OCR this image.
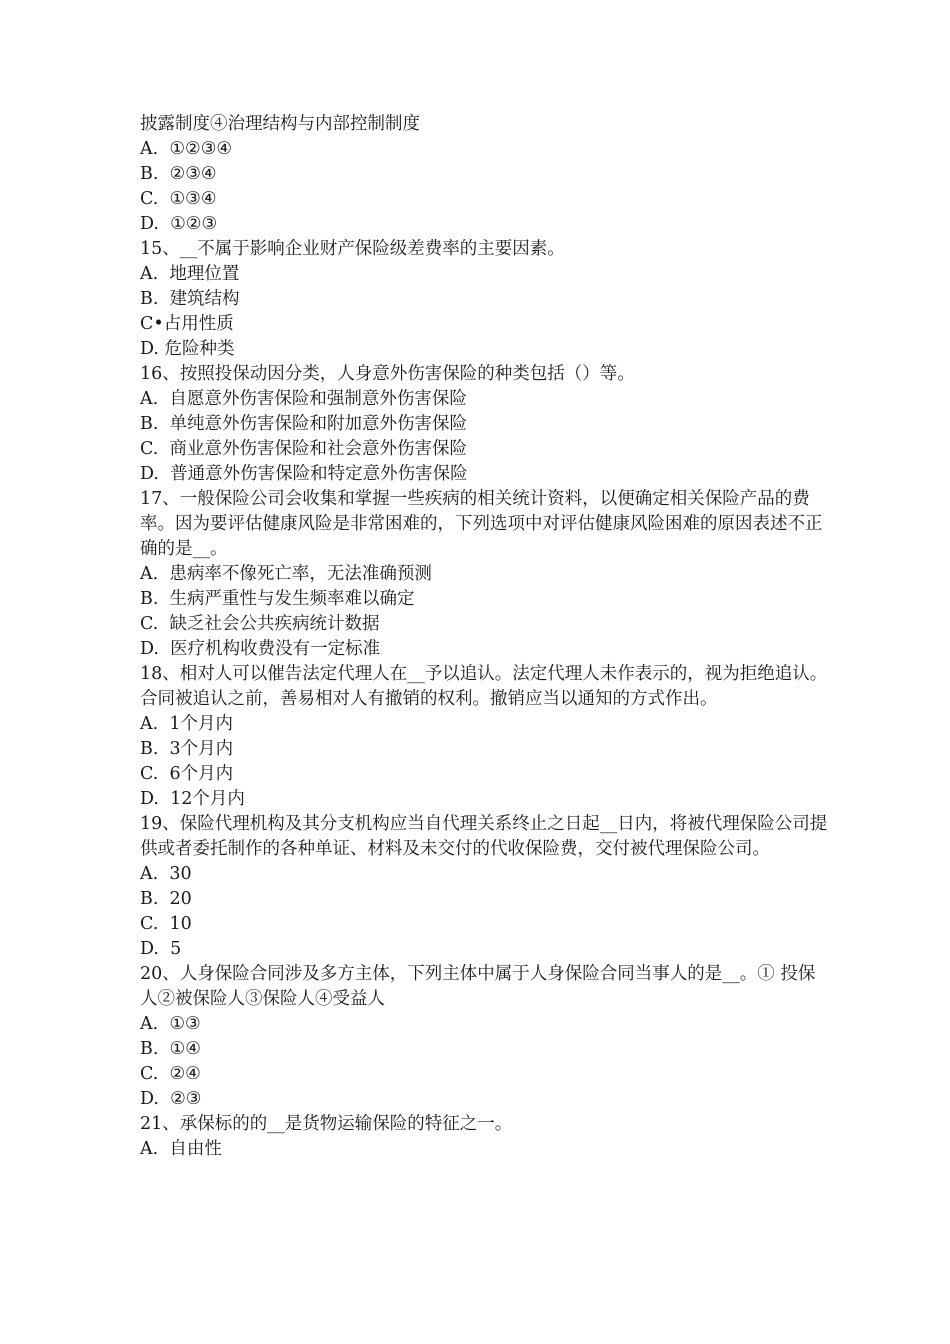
披露制度④治理结构与内部控制制度
A.  ①②③④
B.  ②③④
C.  ①③④
D.  ①②③
15、__不属于影响企业财产保险级差费率的主要因素。
A.  地理位置
B.  建筑结构
C•占用性质
D. 危险种类
16、按照投保动因分类，人身意外伤害保险的种类包括（）等。
A.  自愿意外伤害保险和强制意外伤害保险
B.  单纯意外伤害保险和附加意外伤害保险
C.  商业意外伤害保险和社会意外伤害保险
D.  普通意外伤害保险和特定意外伤害保险
17、一般保险公司会收集和掌握一些疾病的相关统计资料，以便确定相关保险产品的费率。因为要评估健康风险是非常困难的，下列选项中对评估健康风险困难的原因表述不正确的是__。
A.  患病率不像死亡率，无法准确预测
B.  生病严重性与发生频率难以确定
C.  缺乏社会公共疾病统计数据
D.  医疗机构收费没有一定标准
18、相对人可以催告法定代理人在__予以追认。法定代理人未作表示的，视为拒绝追认。合同被追认之前，善易相对人有撤销的权利。撤销应当以通知的方式作出。
A.  1个月内
B.  3个月内
C.  6个月内
D.  12个月内
19、保险代理机构及其分支机构应当自代理关系终止之日起__日内，将被代理保险公司提供或者委托制作的各种单证、材料及未交付的代收保险费，交付被代理保险公司。
A.  30
B.  20
C.  10
D.  5
20、人身保险合同涉及多方主体，下列主体中属于人身保险合同当事人的是__。① 投保人②被保险人③保险人④受益人
A.  ①③
B.  ①④
C.  ②④
D.  ②③
21、承保标的的__是货物运输保险的特征之一。
A.  自由性
